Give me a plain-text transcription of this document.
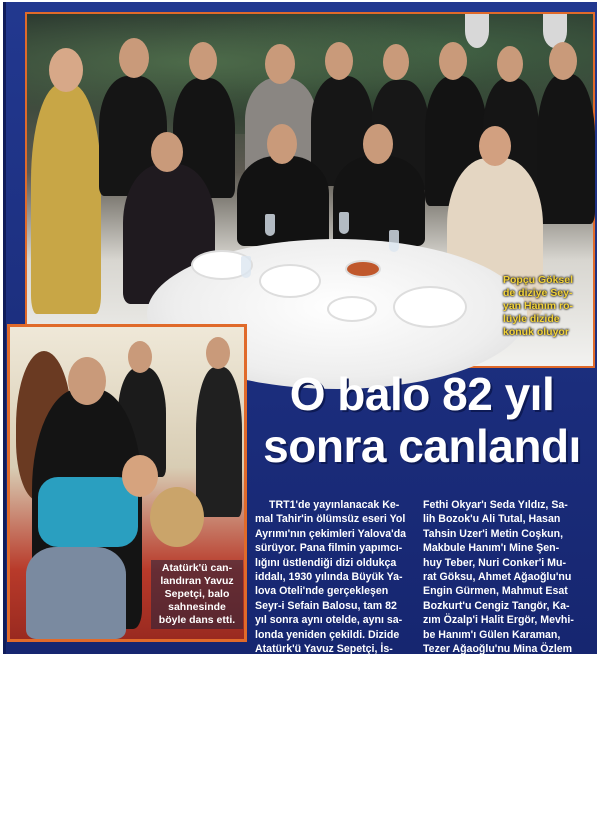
Popçu Göksel
de diziye Sey-
yan Hanım ro-
lüyle dizide
konuk oluyor
Atatürk'ü can-
landıran Yavuz
Sepetçi, balo
sahnesinde
böyle dans etti.
O balo 82 yıl
sonra canlandı
TRT1'de yayınlanacak Ke-
mal Tahir'in ölümsüz eseri Yol
Ayrımı'nın çekimleri Yalova'da
sürüyor. Pana filmin yapımcı-
lığını üstlendiği dizi oldukça
iddalı, 1930 yılında Büyük Ya-
lova Oteli'nde gerçekleşen
Seyr-i Sefain Balosu, tam 82
yıl sonra aynı otelde, aynı sa-
londa yeniden çekildi. Dizide
Atatürk'ü Yavuz Sepetçi, İs-
met İnönü'yü Haluk Cömert,
Fethi Okyar'ı Seda Yıldız, Sa-
lih Bozok'u Ali Tutal, Hasan
Tahsin Uzer'i Metin Coşkun,
Makbule Hanım'ı Mine Şen-
huy Teber, Nuri Conker'i Mu-
rat Göksu, Ahmet Ağaoğlu'nu
Engin Gürmen, Mahmut Esat
Bozkurt'u Cengiz Tangör, Ka-
zım Özalp'i Halit Ergör, Mevhi-
be Hanım'ı Gülen Karaman,
Tezer Ağaoğlu'nu Mina Özlem
Leo canlandırıyor.
